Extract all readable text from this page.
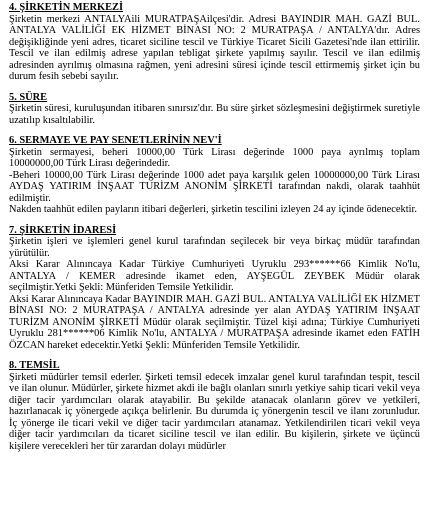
4. ŞİRKETİN MERKEZİ

Şirketin merkezi ANTALYAili MURATPAŞAilçesi'dir. Adresi BAYINDIR MAH. GAZİ BUL. ANTALYA VALİLİĞİ EK HİZMET BİNASI NO: 2 MURATPAŞA / ANTALYA'dır. Adres değişikliğinde yeni adres, ticaret siciline tescil ve Türkiye Ticaret Sicili Gazetesi'nde ilan ettirilir. Tescil ve ilan edilmiş adrese yapılan tebligat şirkete yapılmış sayılır. Tescil ve ilan edilmiş adresinden ayrılmış olmasına rağmen, yeni adresini süresi içinde tescil ettirmemiş şirket için bu durum fesih sebebi sayılır.

5. SÜRE

Şirketin süresi, kuruluşundan itibaren sınırsız'dır. Bu süre şirket sözleşmesini değiştirmek suretiyle uzatılıp kısaltılabilir.

6. SERMAYE VE PAY SENETLERİNİN NEV'İ

Şirketin sermayesi, beheri 10000,00 Türk Lirası değerinde 1000 paya ayrılmış toplam 10000000,00 Türk Lirası değerindedir.

-Beheri 10000,00 Türk Lirası değerinde 1000 adet paya karşılık gelen 10000000,00 Türk Lirası AYDAŞ YATIRIM İNŞAAT TURİZM ANONİM ŞİRKETİ tarafından nakdi, olarak taahhüt edilmiştir.

Nakden taahhüt edilen payların itibari değerleri, şirketin tescilini izleyen 24 ay içinde ödenecektir.

7. ŞİRKETİN İDARESİ

Şirketin işleri ve işlemleri genel kurul tarafından seçilecek bir veya birkaç müdür tarafından yürütülür.

Aksi Karar Alınıncaya Kadar Türkiye Cumhuriyeti Uyruklu 293******66 Kimlik No'lu, ANTALYA / KEMER adresinde ikamet eden, AYŞEGÜL ZEYBEK Müdür olarak seçilmiştir.Yetki Şekli: Münferiden Temsile Yetkilidir.

Aksi Karar Alınıncaya Kadar BAYINDIR MAH. GAZİ BUL. ANTALYA VALİLİĞİ EK HİZMET BİNASI NO: 2 MURATPAŞA / ANTALYA adresinde yer alan AYDAŞ YATIRIM İNŞAAT TURİZM ANONİM ŞİRKETİ Müdür olarak seçilmiştir. Tüzel kişi adına; Türkiye Cumhuriyeti Uyruklu 281******06 Kimlik No'lu, ANTALYA / MURATPAŞA adresinde ikamet eden FATİH ÖZCAN hareket edecektir.Yetki Şekli: Münferiden Temsile Yetkilidir.

8. TEMSİL

Şirketi müdürler temsil ederler. Şirketi temsil edecek imzalar genel kurul tarafından tespit, tescil ve ilan olunur. Müdürler, şirkete hizmet akdi ile bağlı olanları sınırlı yetkiye sahip ticari vekil veya diğer tacir yardımcıları olarak atayabilir. Bu şekilde atanacak olanların görev ve yetkileri, hazırlanacak iç yönergede açıkça belirlenir. Bu durumda iç yönergenin tescil ve ilanı zorunludur. İç yönerge ile ticari vekil ve diğer tacir yardımcıları atanamaz. Yetkilendirilen ticari vekil veya diğer tacir yardımcıları da ticaret siciline tescil ve ilan edilir. Bu kişilerin, şirkete ve üçüncü kişilere verecekleri her tür zarardan dolayı müdürler
